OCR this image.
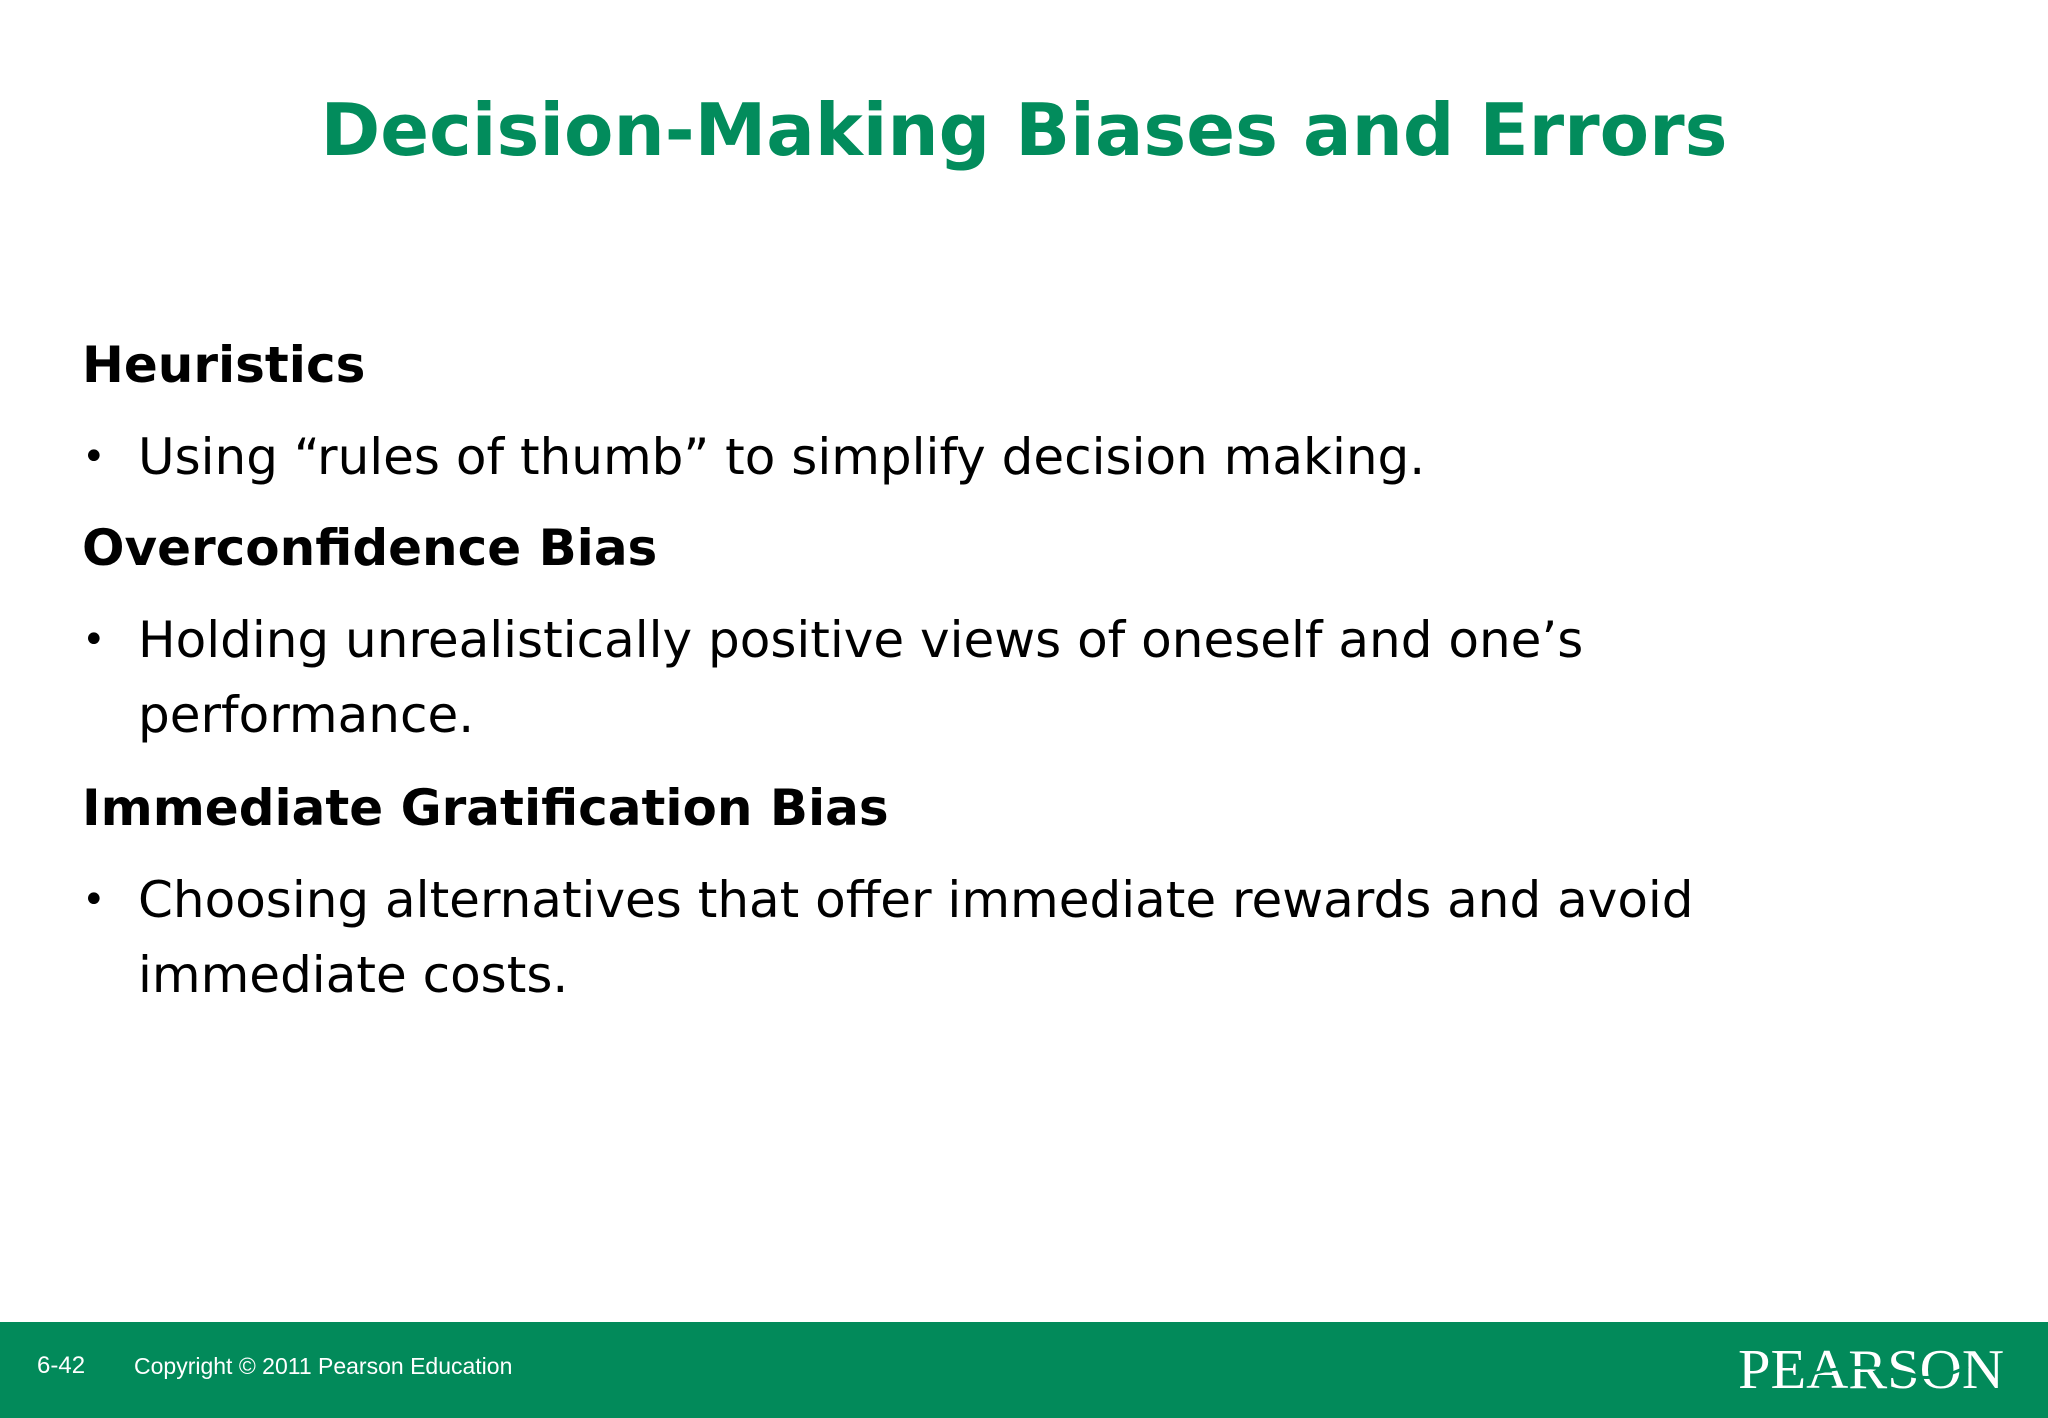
Decision-Making Biases and Errors

Heuristics

• Using “rules of thumb” to simplify decision making.

Overconfidence Bias

• Holding unrealistically positive views of oneself and one’s performance.

Immediate Gratification Bias

• Choosing alternatives that offer immediate rewards and avoid immediate costs.
6-42 Copyright © 2011 Pearson Education	PEARSON
